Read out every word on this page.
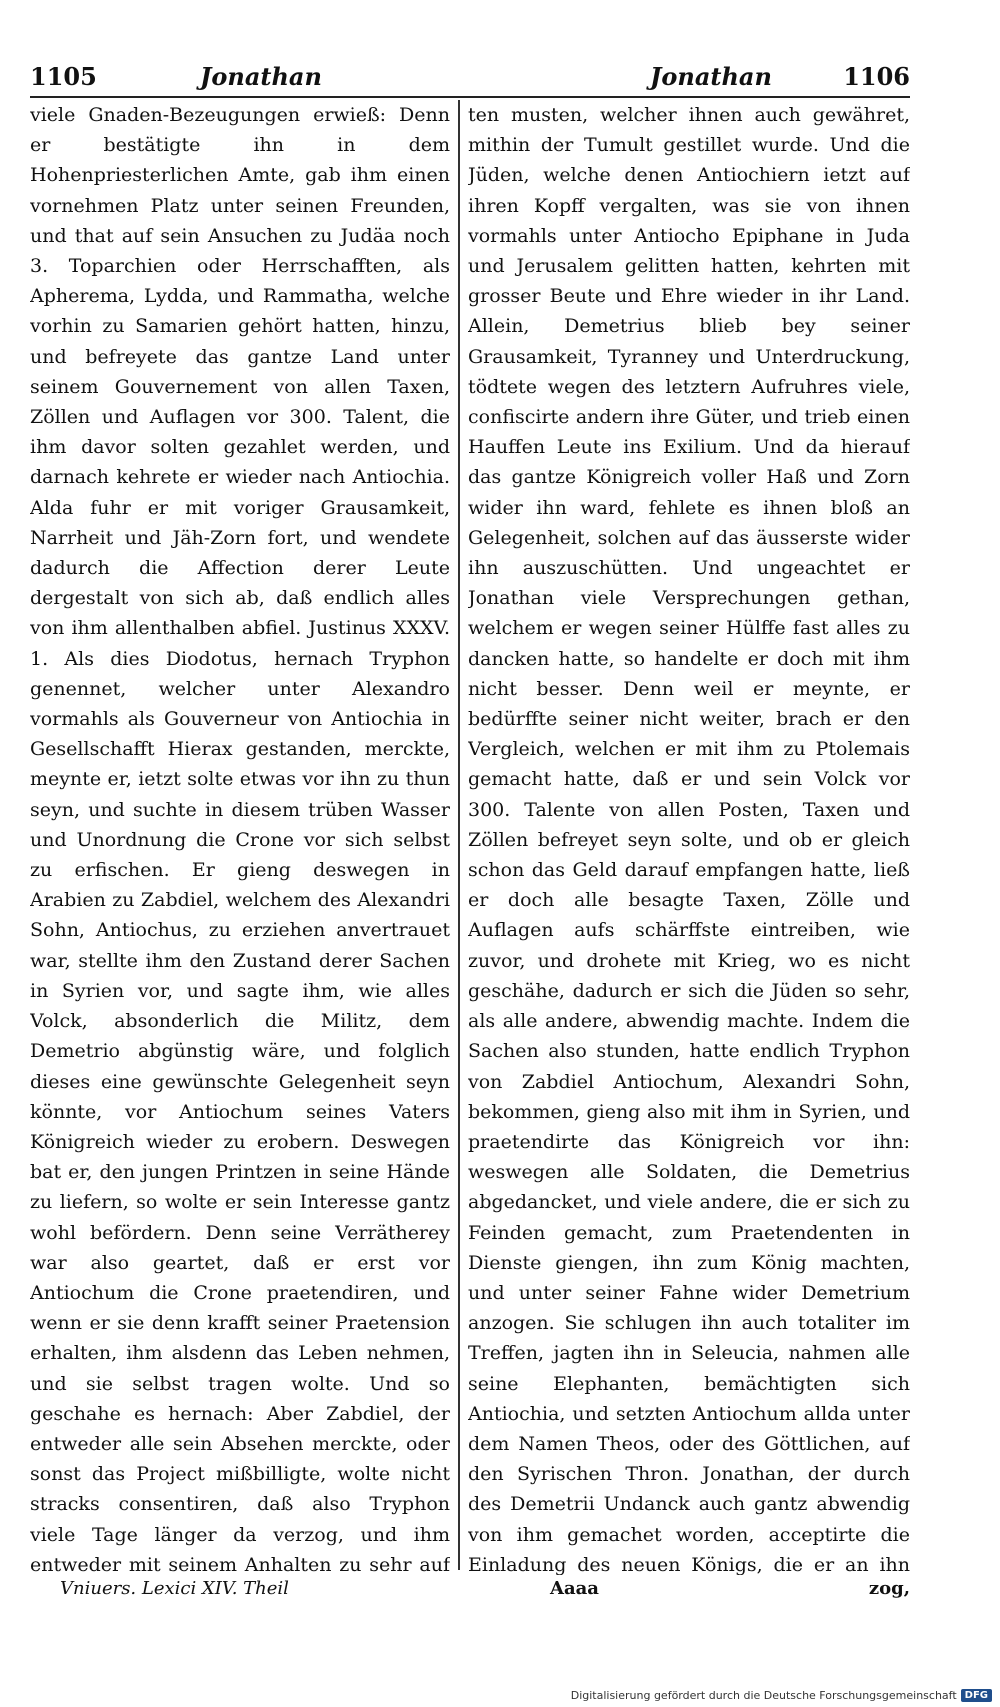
1105	Jonathan	Jonathan	1106

viele Gnaden-Bezeugungen erwieß: Denn er bestätigte ihn in dem Hohenpriesterlichen Amte, gab ihm einen vornehmen Platz unter seinen Freunden, und that auf sein Ansuchen zu Judäa noch 3. Toparchien oder Herrschafften, als Apherema, Lydda, und Rammatha, welche vorhin zu Samarien gehört hatten, hinzu, und befreyete das gantze Land unter seinem Gouvernement von allen Taxen, Zöllen und Auflagen vor 300. Talent, die ihm davor solten gezahlet werden, und darnach kehrete er wieder nach Antiochia. Alda fuhr er mit voriger Grausamkeit, Narrheit und Jäh-Zorn fort, und wendete dadurch die Affection derer Leute dergestalt von sich ab, daß endlich alles von ihm allenthalben abfiel. Justinus XXXV. 1. Als dies Diodotus, hernach Tryphon genennet, welcher unter Alexandro vormahls als Gouverneur von Antiochia in Gesellschafft Hierax gestanden, merckte, meynte er, ietzt solte etwas vor ihn zu thun seyn, und suchte in diesem trüben Wasser und Unordnung die Crone vor sich selbst zu erfischen. Er gieng deswegen in Arabien zu Zabdiel, welchem des Alexandri Sohn, Antiochus, zu erziehen anvertrauet war, stellte ihm den Zustand derer Sachen in Syrien vor, und sagte ihm, wie alles Volck, absonderlich die Militz, dem Demetrio abgünstig wäre, und folglich dieses eine gewünschte Gelegenheit seyn könnte, vor Antiochum seines Vaters Königreich wieder zu erobern. Deswegen bat er, den jungen Printzen in seine Hände zu liefern, so wolte er sein Interesse gantz wohl befördern. Denn seine Verrätherey war also geartet, daß er erst vor Antiochum die Crone praetendiren, und wenn er sie denn krafft seiner Praetension erhalten, ihm alsdenn das Leben nehmen, und sie selbst tragen wolte. Und so geschahe es hernach: Aber Zabdiel, der entweder alle sein Absehen merckte, oder sonst das Project mißbilligte, wolte nicht stracks consentiren, daß also Tryphon viele Tage länger da verzog, und ihm entweder mit seinem Anhalten zu sehr auf

ten musten, welcher ihnen auch gewähret, mithin der Tumult gestillet wurde. Und die Jüden, welche denen Antiochiern ietzt auf ihren Kopff vergalten, was sie von ihnen vormahls unter Antiocho Epiphane in Juda und Jerusalem gelitten hatten, kehrten mit grosser Beute und Ehre wieder in ihr Land. Allein, Demetrius blieb bey seiner Grausamkeit, Tyranney und Unterdruckung, tödtete wegen des letztern Aufruhres viele, confiscirte andern ihre Güter, und trieb einen Hauffen Leute ins Exilium. Und da hierauf das gantze Königreich voller Haß und Zorn wider ihn ward, fehlete es ihnen bloß an Gelegenheit, solchen auf das äusserste wider ihn auszuschütten. Und ungeachtet er Jonathan viele Versprechungen gethan, welchem er wegen seiner Hülffe fast alles zu dancken hatte, so handelte er doch mit ihm nicht besser. Denn weil er meynte, er bedürffte seiner nicht weiter, brach er den Vergleich, welchen er mit ihm zu Ptolemais gemacht hatte, daß er und sein Volck vor 300. Talente von allen Posten, Taxen und Zöllen befreyet seyn solte, und ob er gleich schon das Geld darauf empfangen hatte, ließ er doch alle besagte Taxen, Zölle und Auflagen aufs schärffste eintreiben, wie zuvor, und drohete mit Krieg, wo es nicht geschähe, dadurch er sich die Jüden so sehr, als alle andere, abwendig machte. Indem die Sachen also stunden, hatte endlich Tryphon von Zabdiel Antiochum, Alexandri Sohn, bekommen, gieng also mit ihm in Syrien, und praetendirte das Königreich vor ihn: weswegen alle Soldaten, die Demetrius abgedancket, und viele andere, die er sich zu Feinden gemacht, zum Praetendenten in Dienste giengen, ihn zum König machten, und unter seiner Fahne wider Demetrium anzogen. Sie schlugen ihn auch totaliter im Treffen, jagten ihn in Seleucia, nahmen alle seine Elephanten, bemächtigten sich Antiochia, und setzten Antiochum allda unter dem Namen Theos, oder des Göttlichen, auf den Syrischen Thron. Jonathan, der durch des Demetrii Undanck auch gantz abwendig von ihm gemachet worden, acceptirte die Einladung des neuen Königs, die er an ihn

Vniuers. Lexici XIV. Theil	Aaaa	zog,
Digitalisierung gefördert durch die Deutsche Forschungsgemeinschaft DFG
